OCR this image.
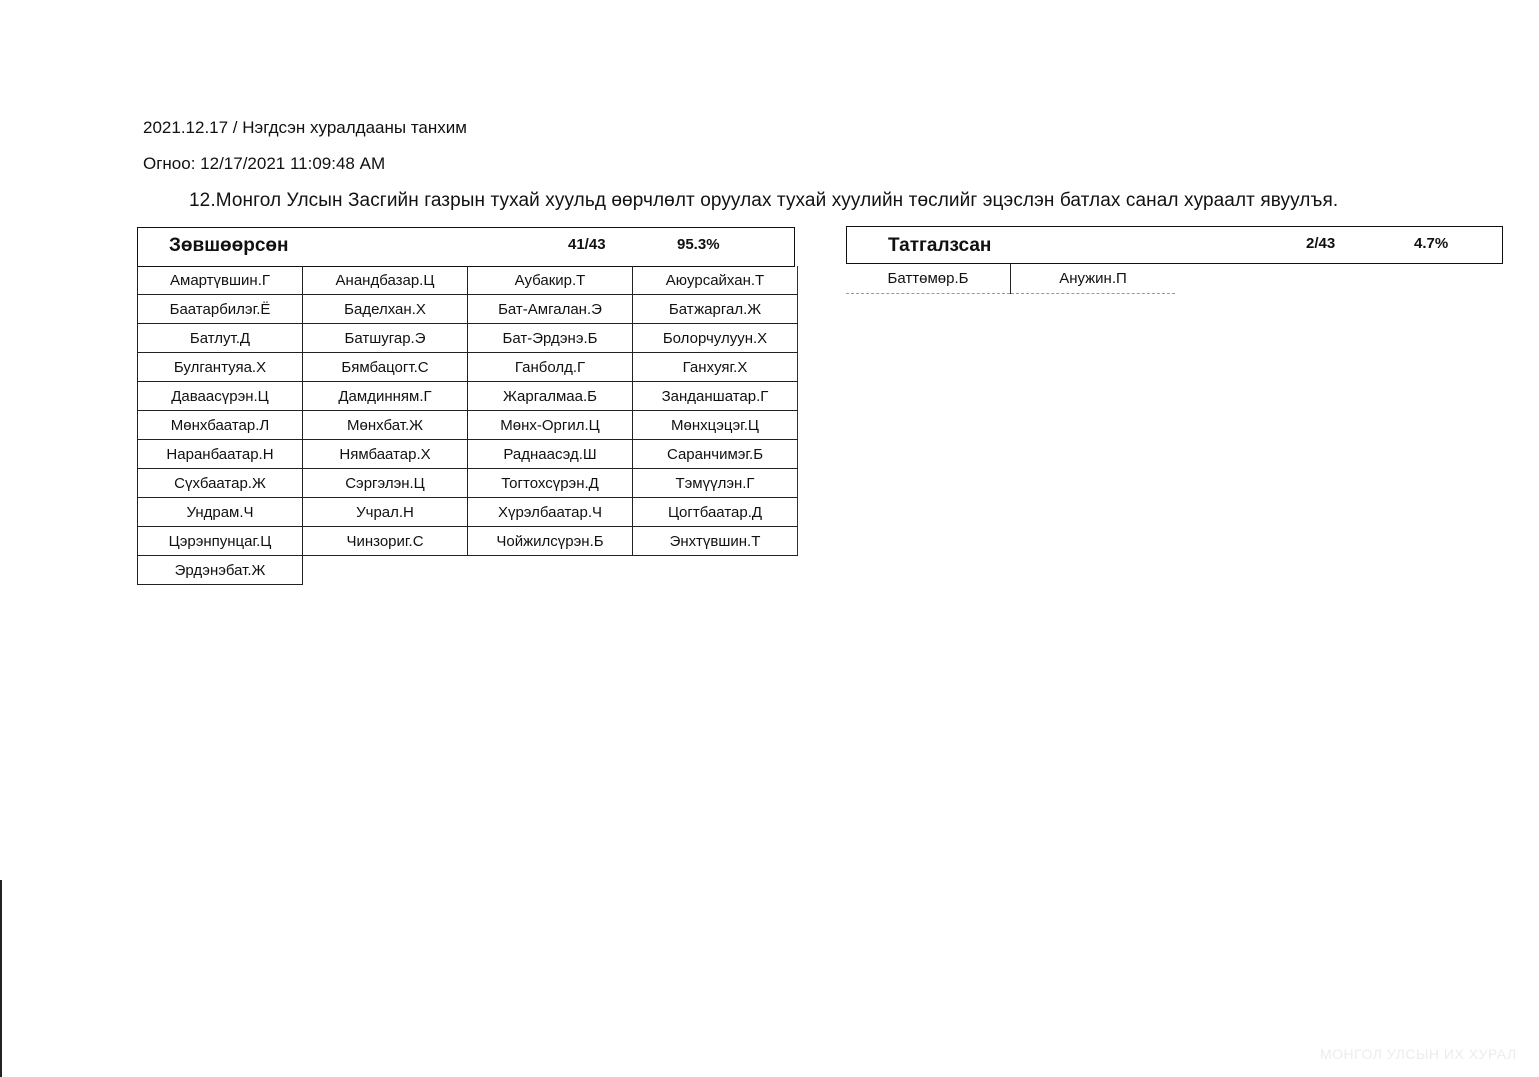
2021.12.17 / Нэгдсэн хуралдааны танхим
Огноо: 12/17/2021 11:09:48 AM
12.Монгол Улсын Засгийн газрын тухай хуульд өөрчлөлт оруулах тухай хуулийн төслийг эцэслэн батлах санал хураалт явуулъя.
Зөвшөөрсөн	41/43	95.3%
Амартүвшин.Г	Анандбазар.Ц	Аубакир.Т	Аюурсайхан.Т
Баатарбилэг.Ё	Баделхан.Х	Бат-Амгалан.Э	Батжаргал.Ж
Батлут.Д	Батшугар.Э	Бат-Эрдэнэ.Б	Болорчулуун.Х
Булгантуяа.Х	Бямбацогт.С	Ганболд.Г	Ганхуяг.Х
Даваасүрэн.Ц	Дамдинням.Г	Жаргалмаа.Б	Занданшатар.Г
Мөнхбаатар.Л	Мөнхбат.Ж	Мөнх-Оргил.Ц	Мөнхцэцэг.Ц
Наранбаатар.Н	Нямбаатар.Х	Раднаасэд.Ш	Саранчимэг.Б
Сүхбаатар.Ж	Сэргэлэн.Ц	Тогтохсүрэн.Д	Тэмүүлэн.Г
Ундрам.Ч	Учрал.Н	Хүрэлбаатар.Ч	Цогтбаатар.Д
Цэрэнпунцаг.Ц	Чинзориг.С	Чойжилсүрэн.Б	Энхтүвшин.Т
Эрдэнэбат.Ж			
Татгалзсан	2/43	4.7%
Баттөмөр.Б	Анужин.П
МОНГОЛ УЛСЫН ИХ ХУРАЛ
